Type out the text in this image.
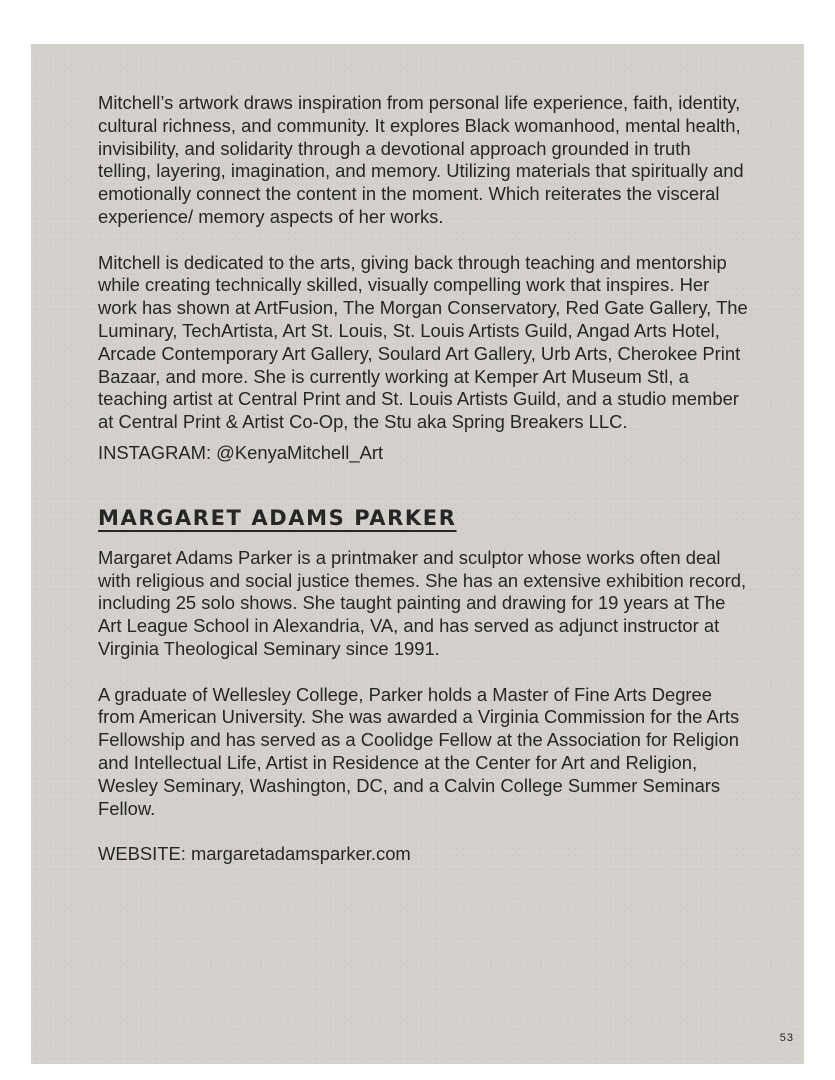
Mitchell’s artwork draws inspiration from personal life experience, faith, identity, cultural richness, and community. It explores Black womanhood, mental health, invisibility, and solidarity through a devotional approach grounded in truth telling, layering, imagination, and memory. Utilizing materials that spiritually and emotionally connect the content in the moment. Which reiterates the visceral experience/ memory aspects of her works.

Mitchell is dedicated to the arts, giving back through teaching and mentorship while creating technically skilled, visually compelling work that inspires. Her work has shown at ArtFusion, The Morgan Conservatory, Red Gate Gallery, The Luminary, TechArtista, Art St. Louis, St. Louis Artists Guild, Angad Arts Hotel, Arcade Contemporary Art Gallery, Soulard Art Gallery, Urb Arts, Cherokee Print Bazaar, and more. She is currently working at Kemper Art Museum Stl, a teaching artist at Central Print and St. Louis Artists Guild, and a studio member at Central Print & Artist Co-Op, the Stu aka Spring Breakers LLC.

INSTAGRAM: @KenyaMitchell_Art

MARGARET ADAMS PARKER

Margaret Adams Parker is a printmaker and sculptor whose works often deal with religious and social justice themes. She has an extensive exhibition record, including 25 solo shows. She taught painting and drawing for 19 years at The Art League School in Alexandria, VA, and has served as adjunct instructor at Virginia Theological Seminary since 1991.

A graduate of Wellesley College, Parker holds a Master of Fine Arts Degree from American University. She was awarded a Virginia Commission for the Arts Fellowship and has served as a Coolidge Fellow at the Association for Religion and Intellectual Life, Artist in Residence at the Center for Art and Religion, Wesley Seminary, Washington, DC, and a Calvin College Summer Seminars Fellow.

WEBSITE: margaretadamsparker.com

53
